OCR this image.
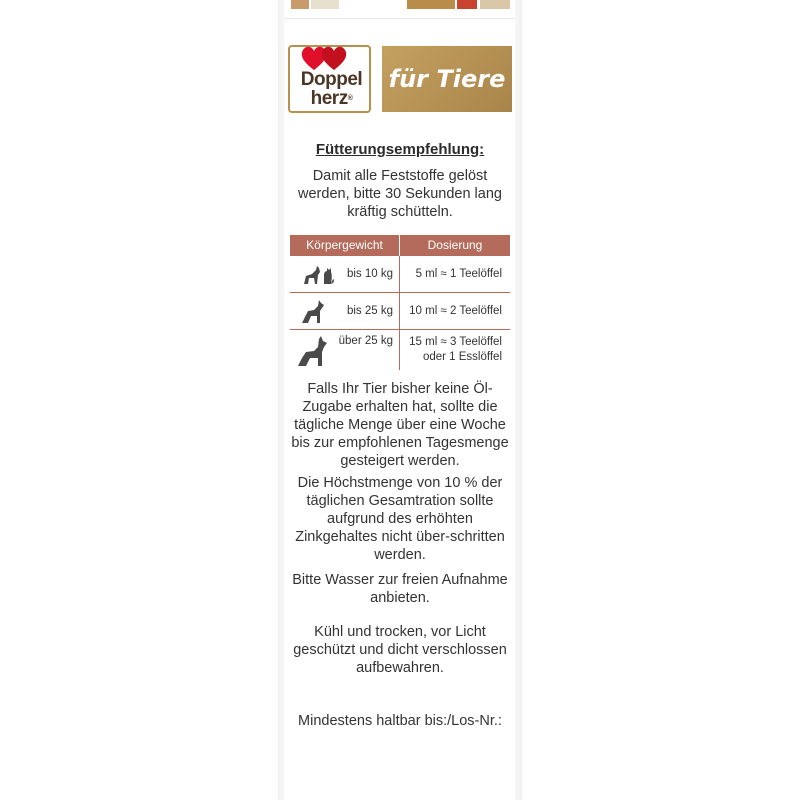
Doppel
herz®
für Tiere
Fütterungsempfehlung:
Damit alle Feststoffe gelöst werden, bitte 30 Sekunden lang kräftig schütteln.
Körpergewicht	Dosierung
bis 10 kg	5 ml ≈ 1 Teelöffel
bis 25 kg	10 ml ≈ 2 Teelöffel
über 25 kg	15 ml ≈ 3 Teelöffel
oder 1 Esslöffel
Falls Ihr Tier bisher keine Öl-Zugabe erhalten hat, sollte die tägliche Menge über eine Woche bis zur empfohlenen Tagesmenge gesteigert werden.
Die Höchstmenge von 10 % der täglichen Gesamtration sollte aufgrund des erhöhten Zinkgehaltes nicht über-schritten werden.
Bitte Wasser zur freien Aufnahme anbieten.
Kühl und trocken, vor Licht geschützt und dicht verschlossen aufbewahren.
Mindestens haltbar bis:/Los-Nr.:
